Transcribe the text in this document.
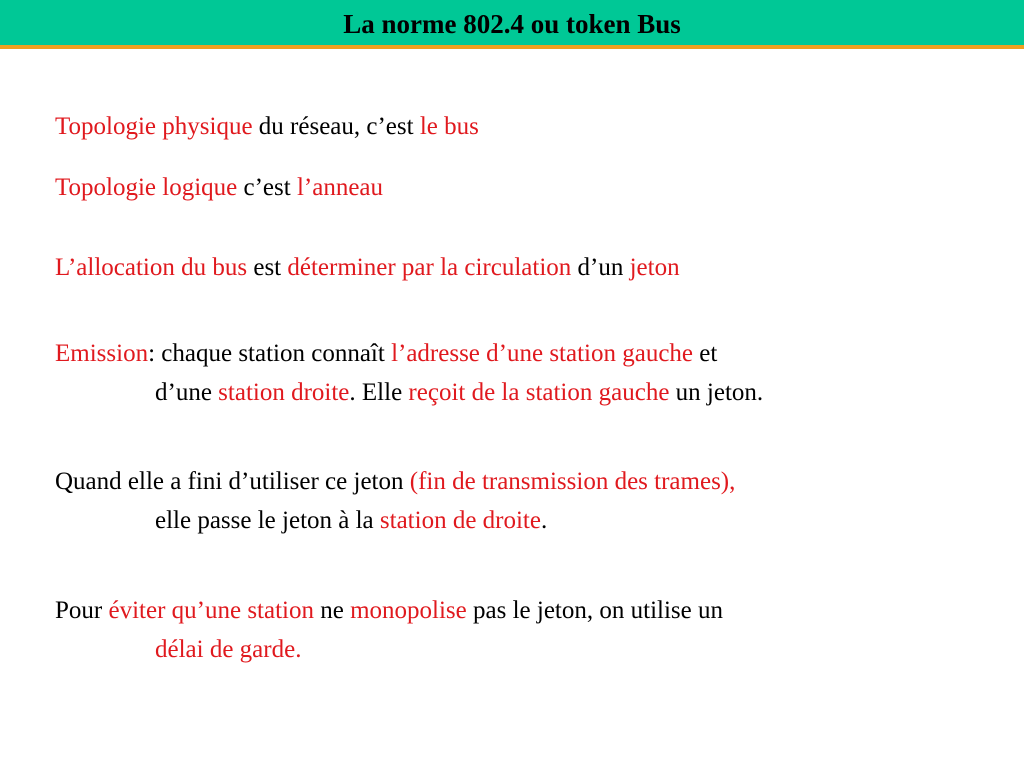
La norme 802.4 ou token Bus
Topologie physique du réseau, c’est le bus
Topologie logique c’est l’anneau
L’allocation du bus est déterminer par la circulation d’un jeton
Emission: chaque station connaît l’adresse d’une station gauche et
d’une station droite. Elle reçoit de la station gauche un jeton.
Quand elle a fini d’utiliser ce jeton (fin de transmission des trames),
elle passe le jeton à la station de droite.
Pour éviter qu’une station ne monopolise pas le jeton, on utilise un
délai de garde.
